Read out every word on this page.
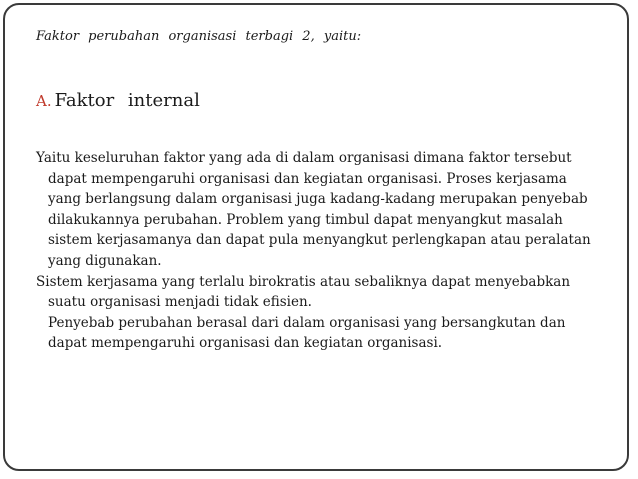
Faktor perubahan organisasi terbagi 2, yaitu:
A. Faktor internal

Yaitu keseluruhan faktor yang ada di dalam organisasi dimana faktor tersebut dapat mempengaruhi organisasi dan kegiatan organisasi. Proses kerjasama yang berlangsung dalam organisasi juga kadang-kadang merupakan penyebab dilakukannya perubahan. Problem yang timbul dapat menyangkut masalah sistem kerjasamanya dan dapat pula menyangkut perlengkapan atau peralatan yang digunakan.

Sistem kerjasama yang terlalu birokratis atau sebaliknya dapat menyebabkan suatu organisasi menjadi tidak efisien.

Penyebab perubahan berasal dari dalam organisasi yang bersangkutan dan dapat mempengaruhi organisasi dan kegiatan organisasi.
